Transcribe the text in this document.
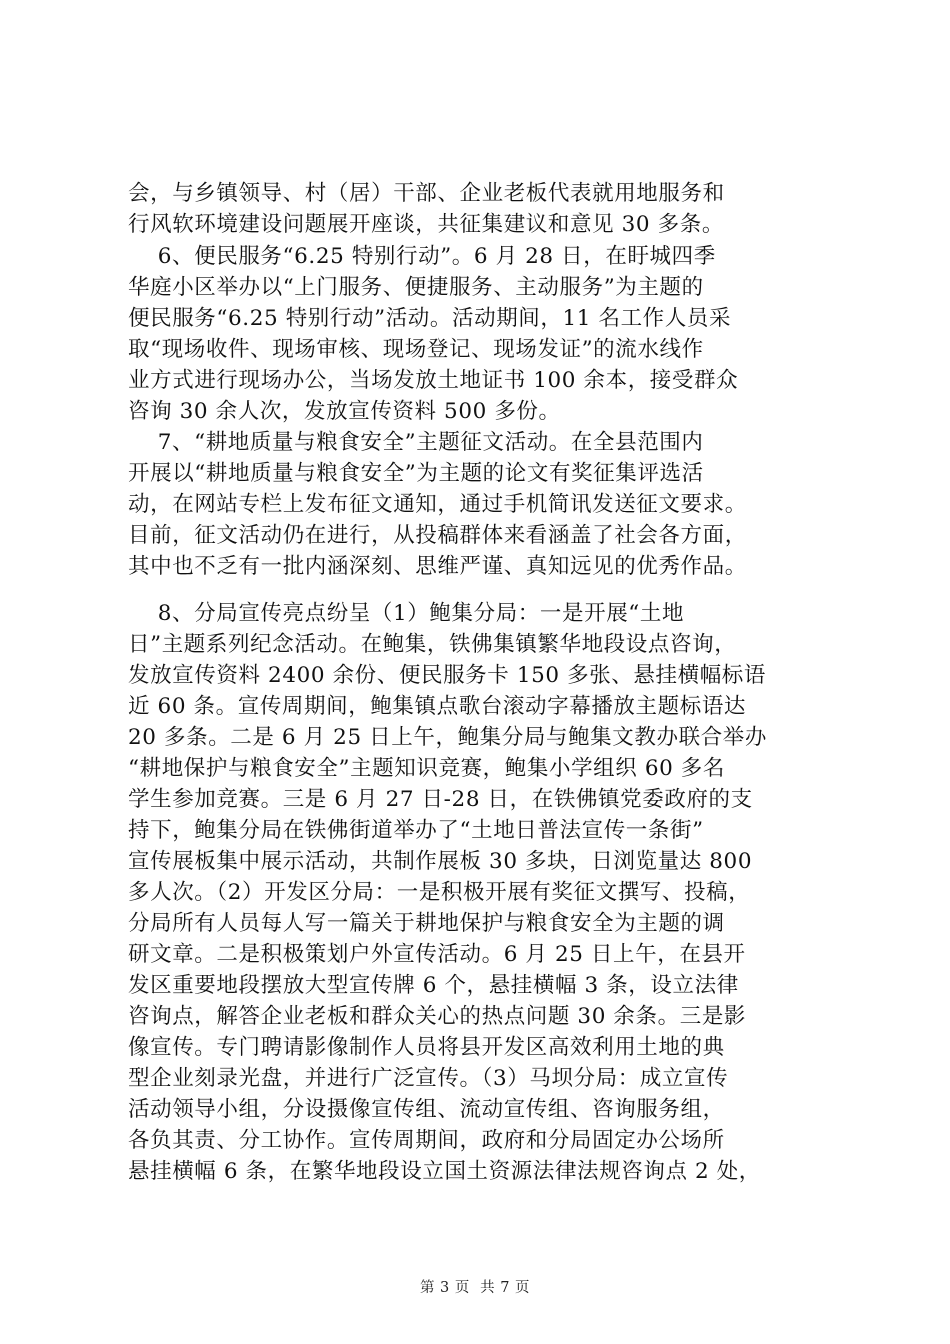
会，与乡镇领导、村（居）干部、企业老板代表就用地服务和
行风软环境建设问题展开座谈，共征集建议和意见 30 多条。
6、便民服务“6.25 特别行动”。6 月 28 日，在盱城四季
华庭小区举办以“上门服务、便捷服务、主动服务”为主题的
便民服务“6.25 特别行动”活动。活动期间，11 名工作人员采
取“现场收件、现场审核、现场登记、现场发证”的流水线作
业方式进行现场办公，当场发放土地证书 100 余本，接受群众
咨询 30 余人次，发放宣传资料 500 多份。
7、“耕地质量与粮食安全”主题征文活动。在全县范围内
开展以“耕地质量与粮食安全”为主题的论文有奖征集评选活
动，在网站专栏上发布征文通知，通过手机简讯发送征文要求。
目前，征文活动仍在进行，从投稿群体来看涵盖了社会各方面，
其中也不乏有一批内涵深刻、思维严谨、真知远见的优秀作品。
8、分局宣传亮点纷呈（1）鲍集分局：一是开展“土地
日”主题系列纪念活动。在鲍集，铁佛集镇繁华地段设点咨询，
发放宣传资料 2400 余份、便民服务卡 150 多张、悬挂横幅标语
近 60 条。宣传周期间，鲍集镇点歌台滚动字幕播放主题标语达
20 多条。二是 6 月 25 日上午，鲍集分局与鲍集文教办联合举办
“耕地保护与粮食安全”主题知识竞赛，鲍集小学组织 60 多名
学生参加竞赛。三是 6 月 27 日-28 日，在铁佛镇党委政府的支
持下，鲍集分局在铁佛街道举办了“土地日普法宣传一条街”
宣传展板集中展示活动，共制作展板 30 多块，日浏览量达 800
多人次。（2）开发区分局：一是积极开展有奖征文撰写、投稿，
分局所有人员每人写一篇关于耕地保护与粮食安全为主题的调
研文章。二是积极策划户外宣传活动。6 月 25 日上午，在县开
发区重要地段摆放大型宣传牌 6 个，悬挂横幅 3 条，设立法律
咨询点，解答企业老板和群众关心的热点问题 30 余条。三是影
像宣传。专门聘请影像制作人员将县开发区高效利用土地的典
型企业刻录光盘，并进行广泛宣传。（3）马坝分局：成立宣传
活动领导小组，分设摄像宣传组、流动宣传组、咨询服务组，
各负其责、分工协作。宣传周期间，政府和分局固定办公场所
悬挂横幅 6 条，在繁华地段设立国土资源法律法规咨询点 2 处，
第 3 页  共 7 页
